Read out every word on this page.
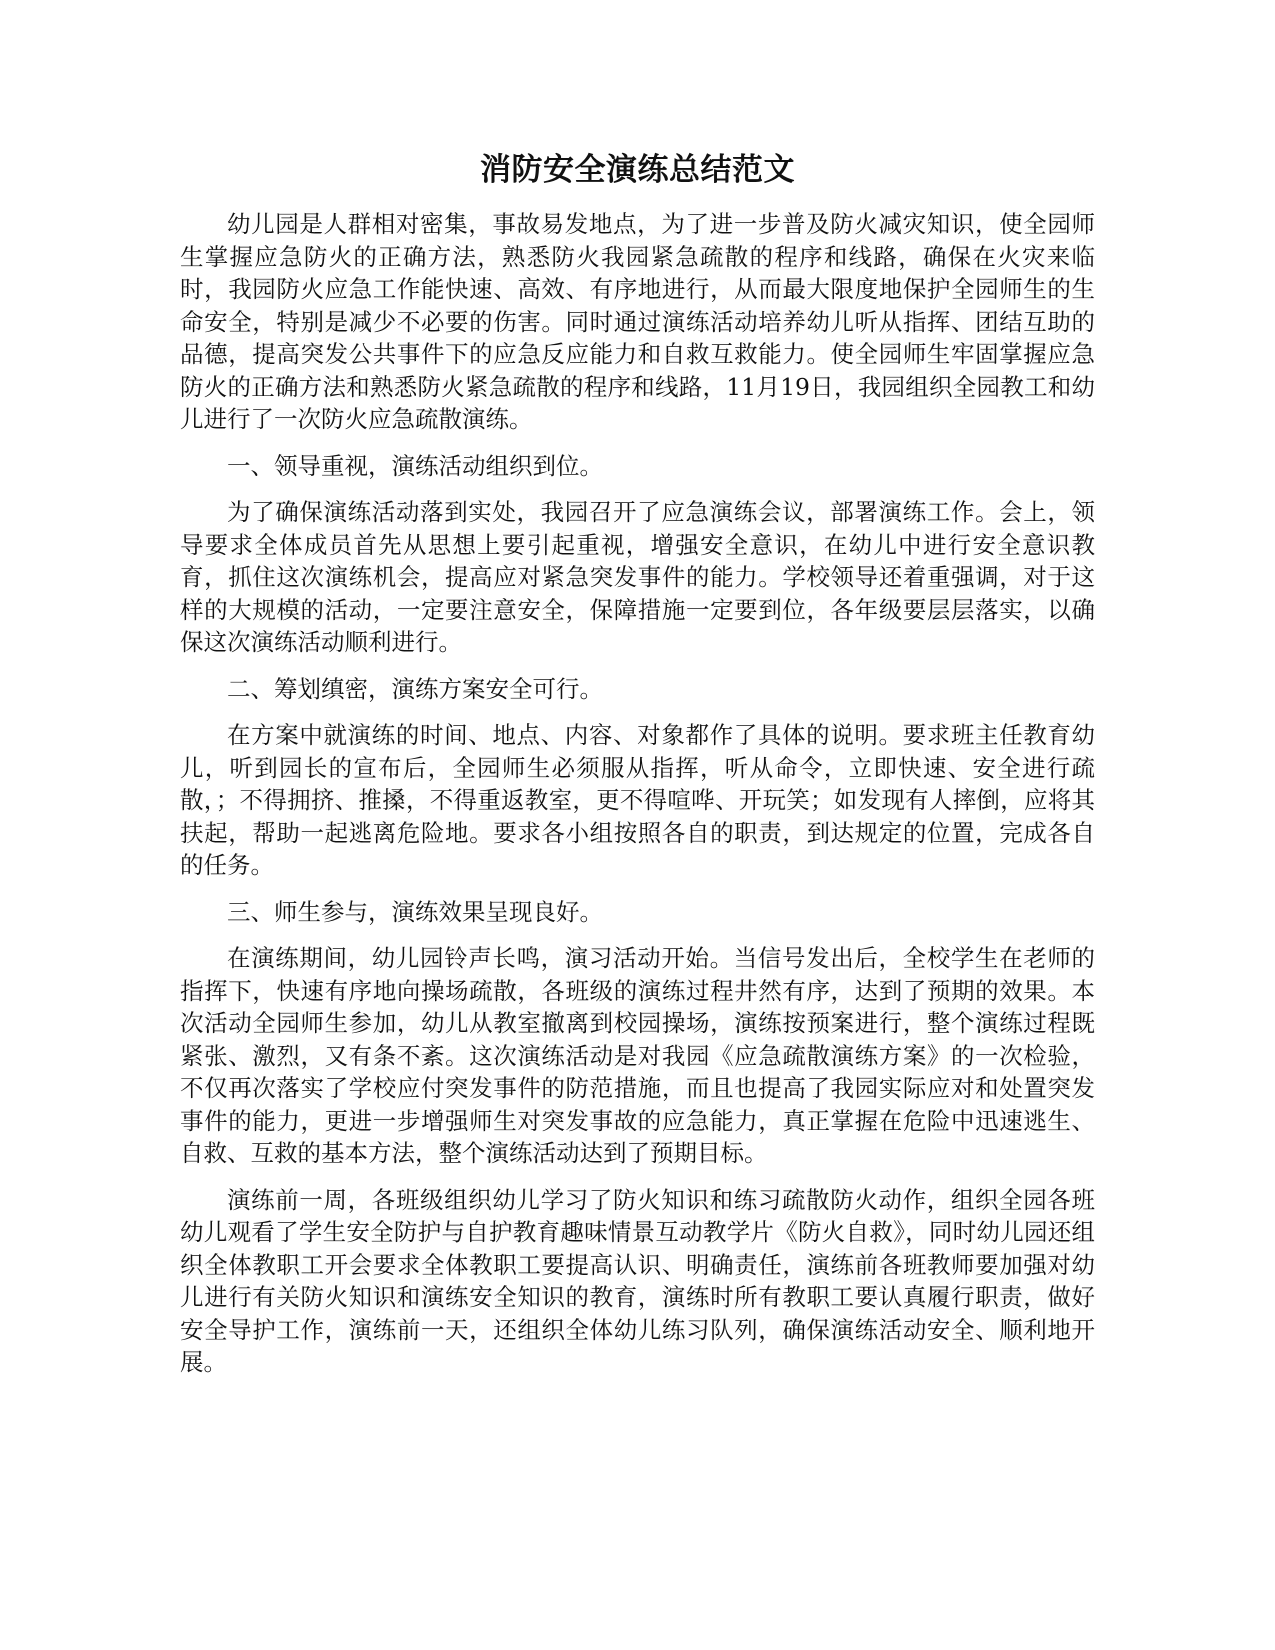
消防安全演练总结范文

幼儿园是人群相对密集，事故易发地点，为了进一步普及防火减灾知识，使全园师生掌握应急防火的正确方法，熟悉防火我园紧急疏散的程序和线路，确保在火灾来临时，我园防火应急工作能快速、高效、有序地进行，从而最大限度地保护全园师生的生命安全，特别是减少不必要的伤害。同时通过演练活动培养幼儿听从指挥、团结互助的品德，提高突发公共事件下的应急反应能力和自救互救能力。使全园师生牢固掌握应急防火的正确方法和熟悉防火紧急疏散的程序和线路，11月19日，我园组织全园教工和幼儿进行了一次防火应急疏散演练。

一、领导重视，演练活动组织到位。

为了确保演练活动落到实处，我园召开了应急演练会议，部署演练工作。会上，领导要求全体成员首先从思想上要引起重视，增强安全意识，在幼儿中进行安全意识教育，抓住这次演练机会，提高应对紧急突发事件的能力。学校领导还着重强调，对于这样的大规模的活动，一定要注意安全，保障措施一定要到位，各年级要层层落实，以确保这次演练活动顺利进行。

二、筹划缜密，演练方案安全可行。

在方案中就演练的时间、地点、内容、对象都作了具体的说明。要求班主任教育幼儿，听到园长的宣布后，全园师生必须服从指挥，听从命令，立即快速、安全进行疏散，；不得拥挤、推搡，不得重返教室，更不得喧哗、开玩笑；如发现有人摔倒，应将其扶起，帮助一起逃离危险地。要求各小组按照各自的职责，到达规定的位置，完成各自的任务。

三、师生参与，演练效果呈现良好。

在演练期间，幼儿园铃声长鸣，演习活动开始。当信号发出后，全校学生在老师的指挥下，快速有序地向操场疏散，各班级的演练过程井然有序，达到了预期的效果。本次活动全园师生参加，幼儿从教室撤离到校园操场，演练按预案进行，整个演练过程既紧张、激烈，又有条不紊。这次演练活动是对我园《应急疏散演练方案》的一次检验，不仅再次落实了学校应付突发事件的防范措施，而且也提高了我园实际应对和处置突发事件的能力，更进一步增强师生对突发事故的应急能力，真正掌握在危险中迅速逃生、自救、互救的基本方法，整个演练活动达到了预期目标。

演练前一周，各班级组织幼儿学习了防火知识和练习疏散防火动作，组织全园各班幼儿观看了学生安全防护与自护教育趣味情景互动教学片《防火自救》，同时幼儿园还组织全体教职工开会要求全体教职工要提高认识、明确责任，演练前各班教师要加强对幼儿进行有关防火知识和演练安全知识的教育，演练时所有教职工要认真履行职责，做好安全导护工作，演练前一天，还组织全体幼儿练习队列，确保演练活动安全、顺利地开展。
